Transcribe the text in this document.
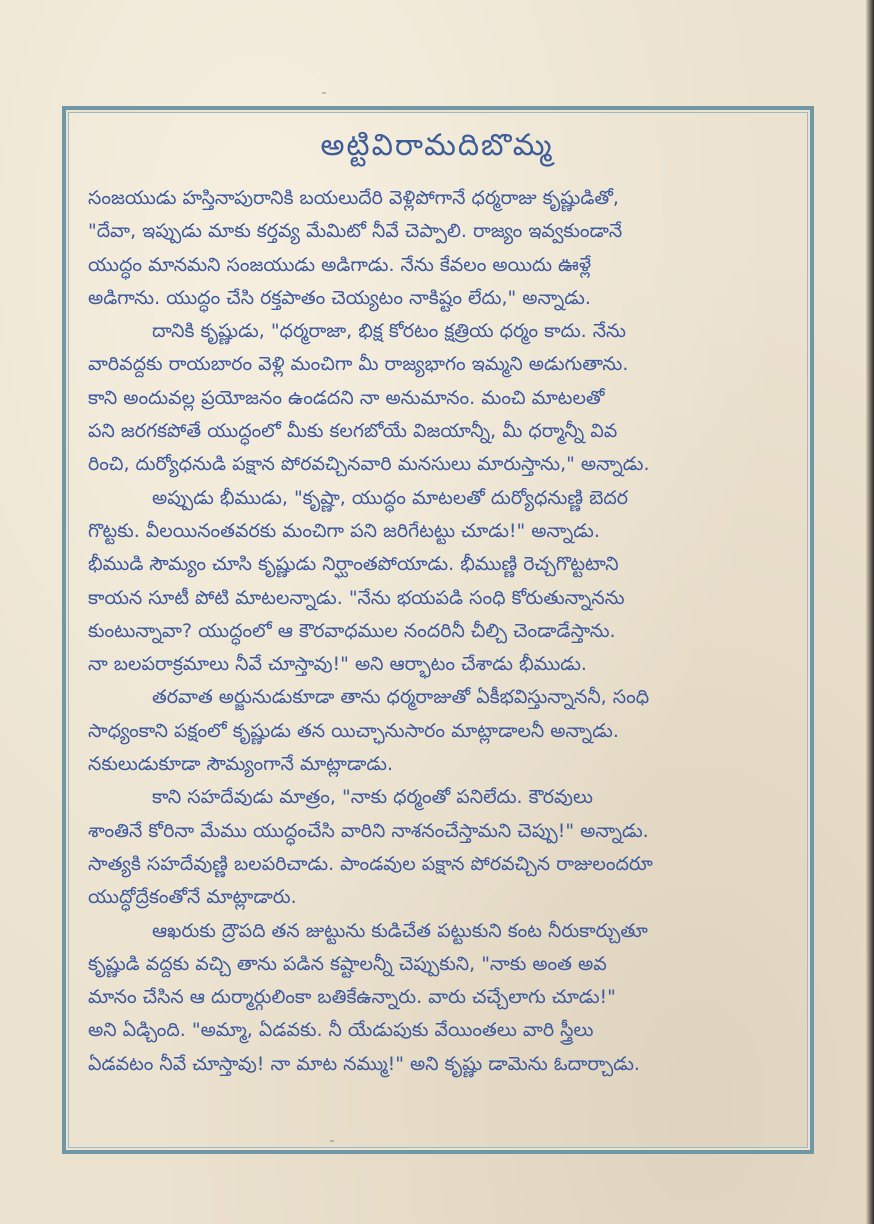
అట్టివిరామదిబొమ్మ
సంజయుడు హస్తినాపురానికి బయలుదేరి వెళ్లిపోగానే ధర్మరాజు కృష్ణుడితో,
"దేవా, ఇప్పుడు మాకు కర్తవ్య మేమిటో నీవే చెప్పాలి. రాజ్యం ఇవ్వకుండానే
యుద్ధం మానమని సంజయుడు అడిగాడు. నేను కేవలం అయిదు ఊళ్లే
అడిగాను. యుద్ధం చేసి రక్తపాతం చెయ్యటం నాకిష్టం లేదు," అన్నాడు.
దానికి కృష్ణుడు, "ధర్మరాజా, భిక్ష కోరటం క్షత్రియ ధర్మం కాదు. నేను
వారివద్దకు రాయబారం వెళ్లి మంచిగా మీ రాజ్యభాగం ఇమ్మని అడుగుతాను.
కాని అందువల్ల ప్రయోజనం ఉండదని నా అనుమానం. మంచి మాటలతో
పని జరగకపోతే యుద్ధంలో మీకు కలగబోయే విజయాన్నీ, మీ ధర్మాన్నీ వివ
రించి, దుర్యోధనుడి పక్షాన పోరవచ్చినవారి మనసులు మారుస్తాను," అన్నాడు.
అప్పుడు భీముడు, "కృష్ణా, యుద్ధం మాటలతో దుర్యోధనుణ్ణి బెదర
గొట్టకు. వీలయినంతవరకు మంచిగా పని జరిగేటట్టు చూడు!" అన్నాడు.
భీముడి సౌమ్యం చూసి కృష్ణుడు నిర్ఘాంతపోయాడు. భీముణ్ణి రెచ్చగొట్టటాని
కాయన సూటీ పోటి మాటలన్నాడు. "నేను భయపడి సంధి కోరుతున్నానను
కుంటున్నావా? యుద్ధంలో ఆ కౌరవాధముల నందరినీ చీల్చి చెండాడేస్తాను.
నా బలపరాక్రమాలు నీవే చూస్తావు!" అని ఆర్భాటం చేశాడు భీముడు.
తరవాత అర్జునుడుకూడా తాను ధర్మరాజుతో ఏకీభవిస్తున్నాననీ, సంధి
సాధ్యంకాని పక్షంలో కృష్ణుడు తన యిచ్ఛానుసారం మాట్లాడాలనీ అన్నాడు.
నకులుడుకూడా సౌమ్యంగానే మాట్లాడాడు.
కాని సహదేవుడు మాత్రం, "నాకు ధర్మంతో పనిలేదు. కౌరవులు
శాంతినే కోరినా మేము యుద్ధంచేసి వారిని నాశనంచేస్తామని చెప్పు!" అన్నాడు.
సాత్యకి సహదేవుణ్ణి బలపరిచాడు. పాండవుల పక్షాన పోరవచ్చిన రాజులందరూ
యుద్ధోద్రేకంతోనే మాట్లాడారు.
ఆఖరుకు ద్రౌపది తన జుట్టును కుడిచేత పట్టుకుని కంట నీరుకార్చుతూ
కృష్ణుడి వద్దకు వచ్చి తాను పడిన కష్టాలన్నీ చెప్పుకుని, "నాకు అంత అవ
మానం చేసిన ఆ దుర్మార్గులింకా బతికేఉన్నారు. వారు చచ్చేలాగు చూడు!"
అని ఏడ్చింది. "అమ్మా, ఏడవకు. నీ యేడుపుకు వేయింతలు వారి స్త్రీలు
ఏడవటం నీవే చూస్తావు! నా మాట నమ్ము!" అని కృష్ణు డామెను ఓదార్చాడు.
